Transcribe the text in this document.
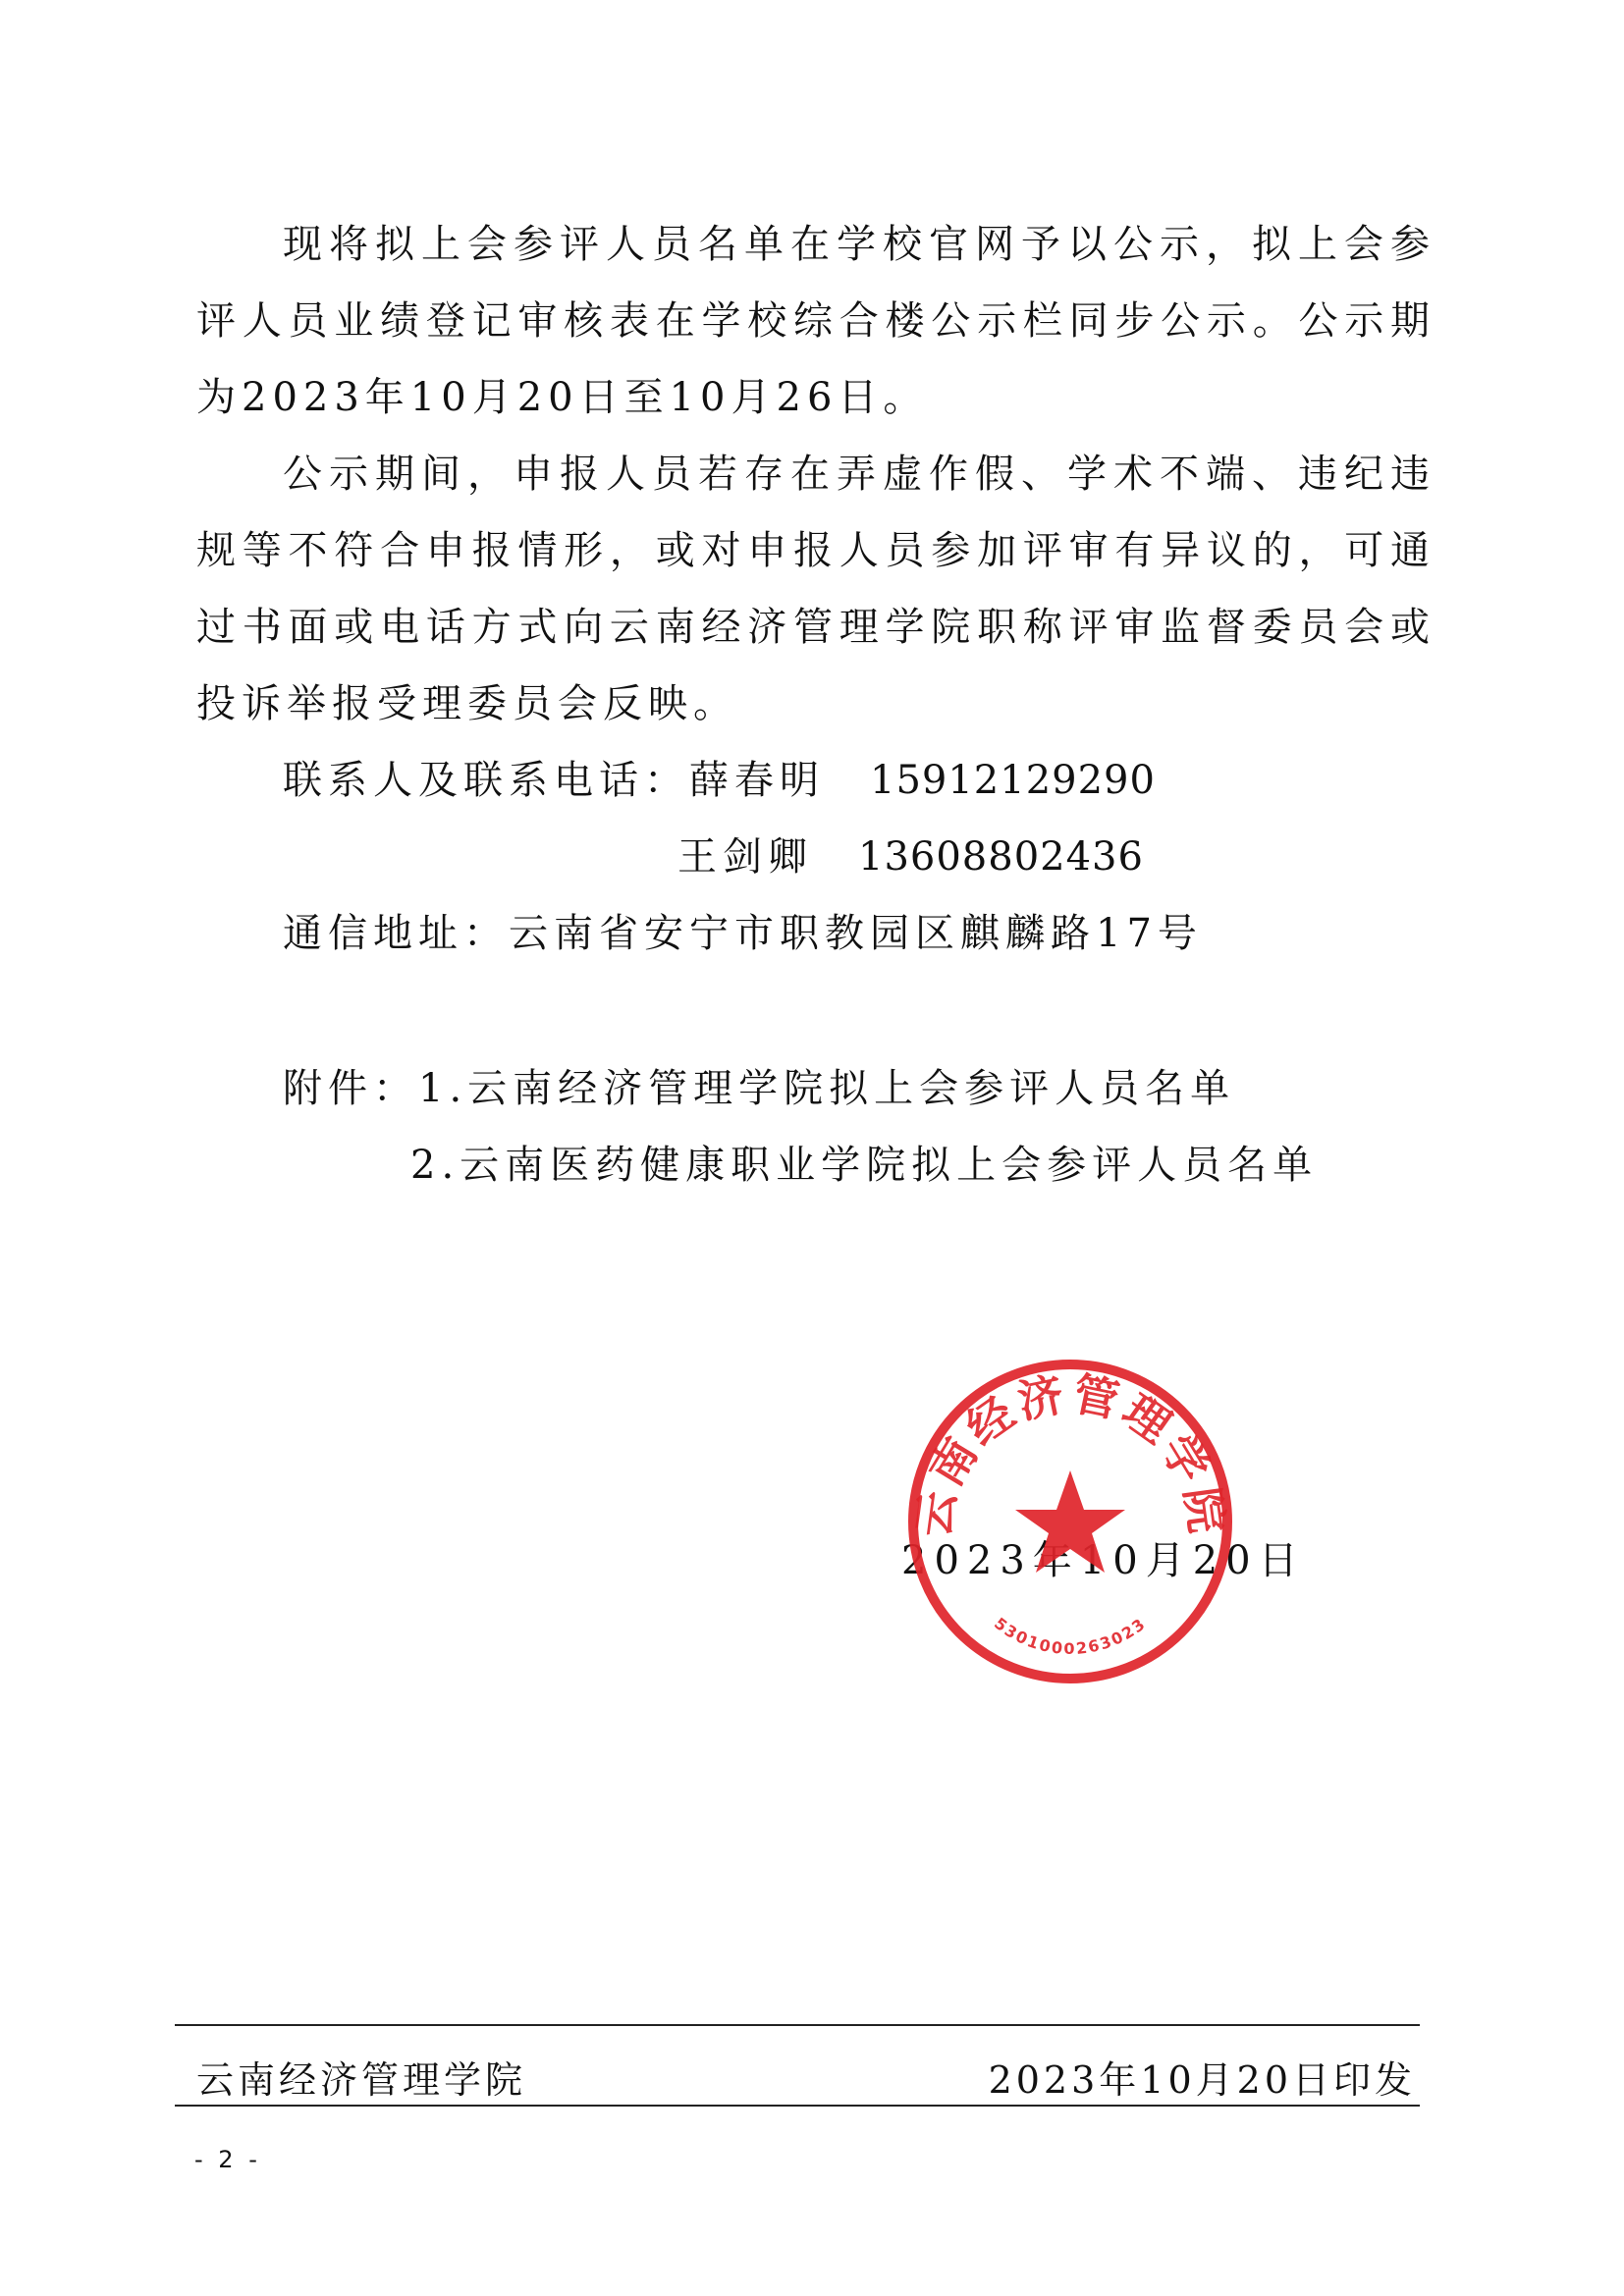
现将拟上会参评人员名单在学校官网予以公示，拟上会参评人员业绩登记审核表在学校综合楼公示栏同步公示。公示期为2023年10月20日至10月26日。

公示期间，申报人员若存在弄虚作假、学术不端、违纪违规等不符合申报情形，或对申报人员参加评审有异议的，可通过书面或电话方式向云南经济管理学院职称评审监督委员会或投诉举报受理委员会反映。

联系人及联系电话：薛春明 15912129290
王剑卿 13608802436
通信地址：云南省安宁市职教园区麒麟路17号
附件：1.云南经济管理学院拟上会参评人员名单
2.云南医药健康职业学院拟上会参评人员名单
2023年10月20日
云南经济管理学院
5301000263023
云南经济管理学院	2023年10月20日印发
- 2 -
